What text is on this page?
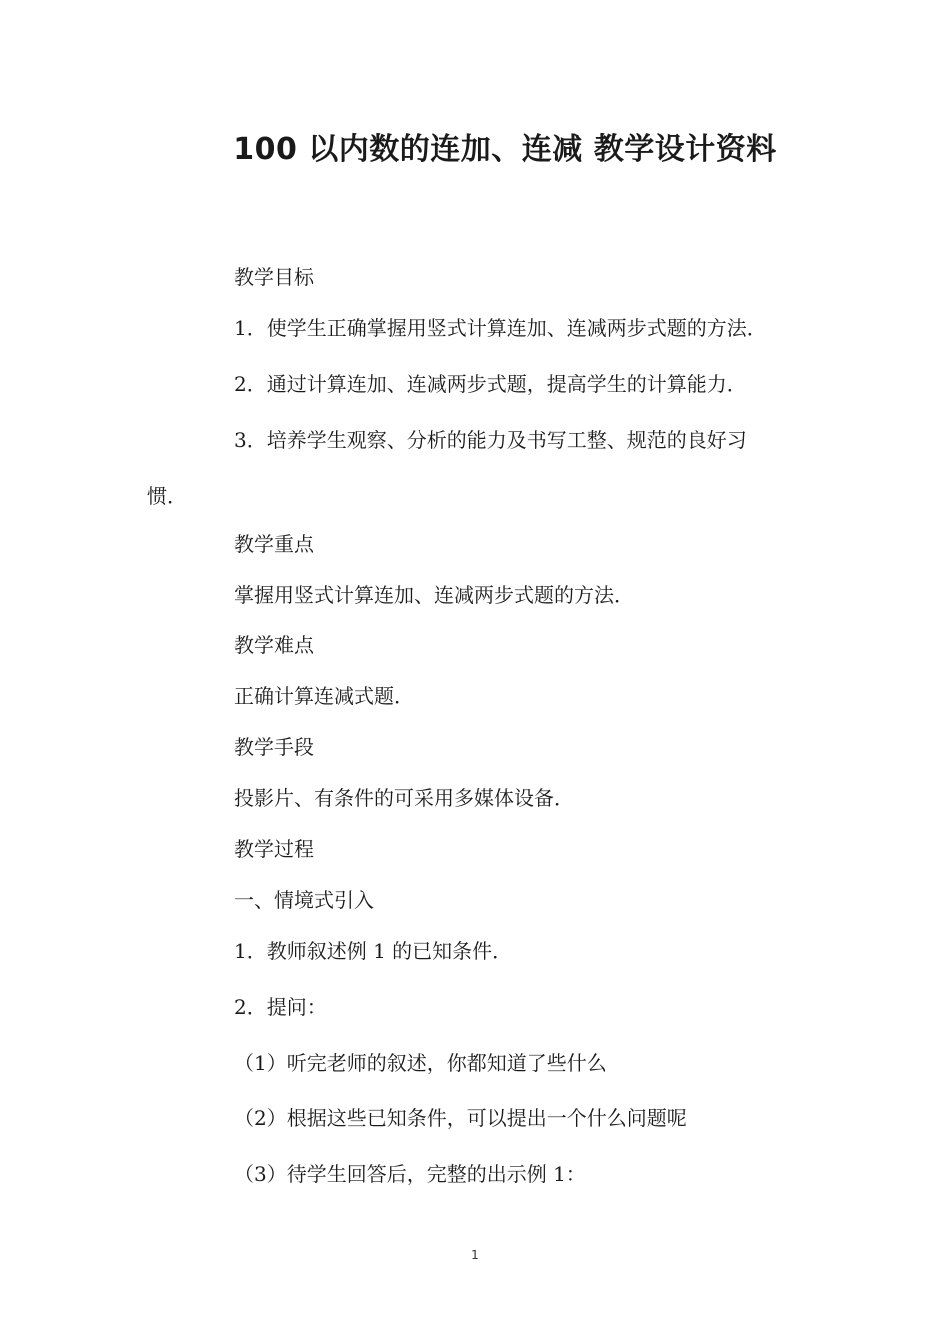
100 以内数的连加、连减 教学设计资料
教学目标
1．使学生正确掌握用竖式计算连加、连减两步式题的方法．
2．通过计算连加、连减两步式题，提高学生的计算能力．
3．培养学生观察、分析的能力及书写工整、规范的良好习
惯．
教学重点
掌握用竖式计算连加、连减两步式题的方法．
教学难点
正确计算连减式题．
教学手段
投影片、有条件的可采用多媒体设备．
教学过程
一、情境式引入
1．教师叙述例 1 的已知条件．
2．提问：
（1）听完老师的叙述，你都知道了些什么
（2）根据这些已知条件，可以提出一个什么问题呢
（3）待学生回答后，完整的出示例 1：
1
